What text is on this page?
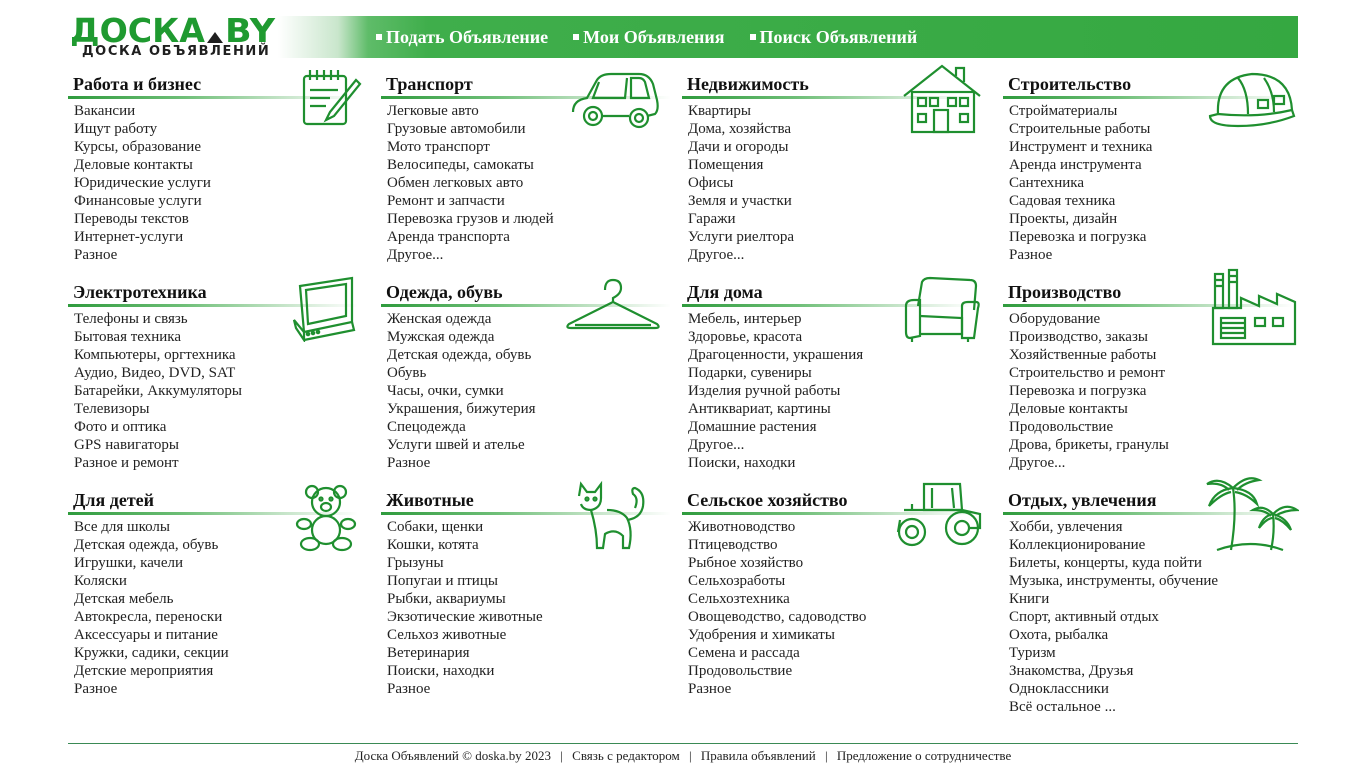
ДОСКА BY
ДОСКА ОБЪЯВЛЕНИЙ
Подать Объявление Мои Объявления Поиск Объявлений
Работа и бизнес
Вакансии
Ищут работу
Курсы, образование
Деловые контакты
Юридические услуги
Финансовые услуги
Переводы текстов
Интернет-услуги
Разное
Транспорт
Легковые авто
Грузовые автомобили
Мото транспорт
Велосипеды, самокаты
Обмен легковых авто
Ремонт и запчасти
Перевозка грузов и людей
Аренда транспорта
Другое...
Недвижимость
Квартиры
Дома, хозяйства
Дачи и огороды
Помещения
Офисы
Земля и участки
Гаражи
Услуги риелтора
Другое...
Строительство
Стройматериалы
Строительные работы
Инструмент и техника
Аренда инструмента
Сантехника
Садовая техника
Проекты, дизайн
Перевозка и погрузка
Разное
Электротехника
Телефоны и связь
Бытовая техника
Компьютеры, оргтехника
Аудио, Видео, DVD, SAT
Батарейки, Аккумуляторы
Телевизоры
Фото и оптика
GPS навигаторы
Разное и ремонт
Одежда, обувь
Женская одежда
Мужская одежда
Детская одежда, обувь
Обувь
Часы, очки, сумки
Украшения, бижутерия
Спецодежда
Услуги швей и ателье
Разное
Для дома
Мебель, интерьер
Здоровье, красота
Драгоценности, украшения
Подарки, сувениры
Изделия ручной работы
Антиквариат, картины
Домашние растения
Другое...
Поиски, находки
Производство
Оборудование
Производство, заказы
Хозяйственные работы
Строительство и ремонт
Перевозка и погрузка
Деловые контакты
Продовольствие
Дрова, брикеты, гранулы
Другое...
Для детей
Все для школы
Детская одежда, обувь
Игрушки, качели
Коляски
Детская мебель
Автокресла, переноски
Аксессуары и питание
Кружки, садики, секции
Детские мероприятия
Разное
Животные
Собаки, щенки
Кошки, котята
Грызуны
Попугаи и птицы
Рыбки, аквариумы
Экзотические животные
Сельхоз животные
Ветеринария
Поиски, находки
Разное
Сельское хозяйство
Животноводство
Птицеводство
Рыбное хозяйство
Сельхозработы
Сельхозтехника
Овощеводство, садоводство
Удобрения и химикаты
Семена и рассада
Продовольствие
Разное
Отдых, увлечения
Хобби, увлечения
Коллекционирование
Билеты, концерты, куда пойти
Музыка, инструменты, обучение
Книги
Спорт, активный отдых
Охота, рыбалка
Туризм
Знакомства, Друзья
Одноклассники
Всё остальное ...
Доска Объявлений © doska.by 2023 | Связь с редактором | Правила объявлений | Предложение о сотрудничестве
